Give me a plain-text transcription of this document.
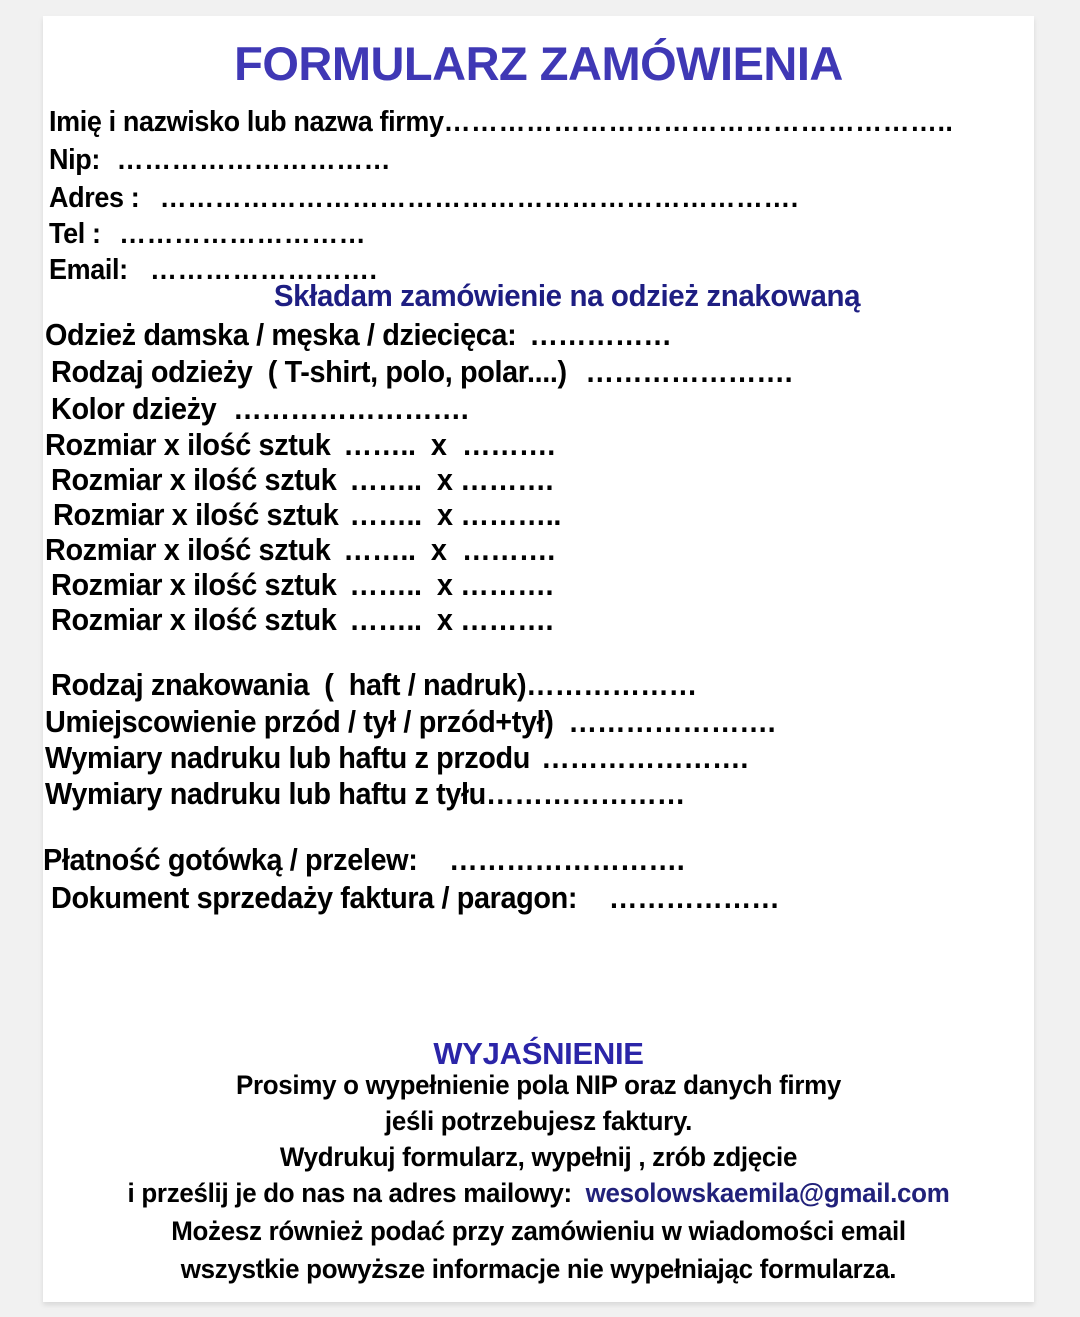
FORMULARZ ZAMÓWIENIA
Imię i nazwisko lub nazwa firmy………………………………………………..
Nip: …………………………
Adres : …………………………………………………………….
Tel : ………………………
Email: …………………….
Składam zamówienie na odzież znakowaną
Odzież damska / męska / dziecięca: ……………
Rodzaj odzieży  ( T-shirt, polo, polar....) ………………….
Kolor dzieży …………………….
Rozmiar x ilość sztuk ……..  x  ……….
Rozmiar x ilość sztuk ……..  x ……….
Rozmiar x ilość sztuk ……..  x ………..
Rozmiar x ilość sztuk ……..  x  ……….
Rozmiar x ilość sztuk ……..  x ……….
Rozmiar x ilość sztuk ……..  x ……….
Rodzaj znakowania  (  haft / nadruk)………………
Umiejscowienie przód / tył / przód+tył) ………………….
Wymiary nadruku lub haftu z przodu ………………….
Wymiary nadruku lub haftu z tyłu…………………
Płatność gotówką / przelew: …………………….
Dokument sprzedaży faktura / paragon: ………………
WYJAŚNIENIE
Prosimy o wypełnienie pola NIP oraz danych firmy
jeśli potrzebujesz faktury.
Wydrukuj formularz, wypełnij , zrób zdjęcie
i prześlij je do nas na adres mailowy:  wesolowskaemila@gmail.com
Możesz również podać przy zamówieniu w wiadomości email
wszystkie powyższe informacje nie wypełniając formularza.
